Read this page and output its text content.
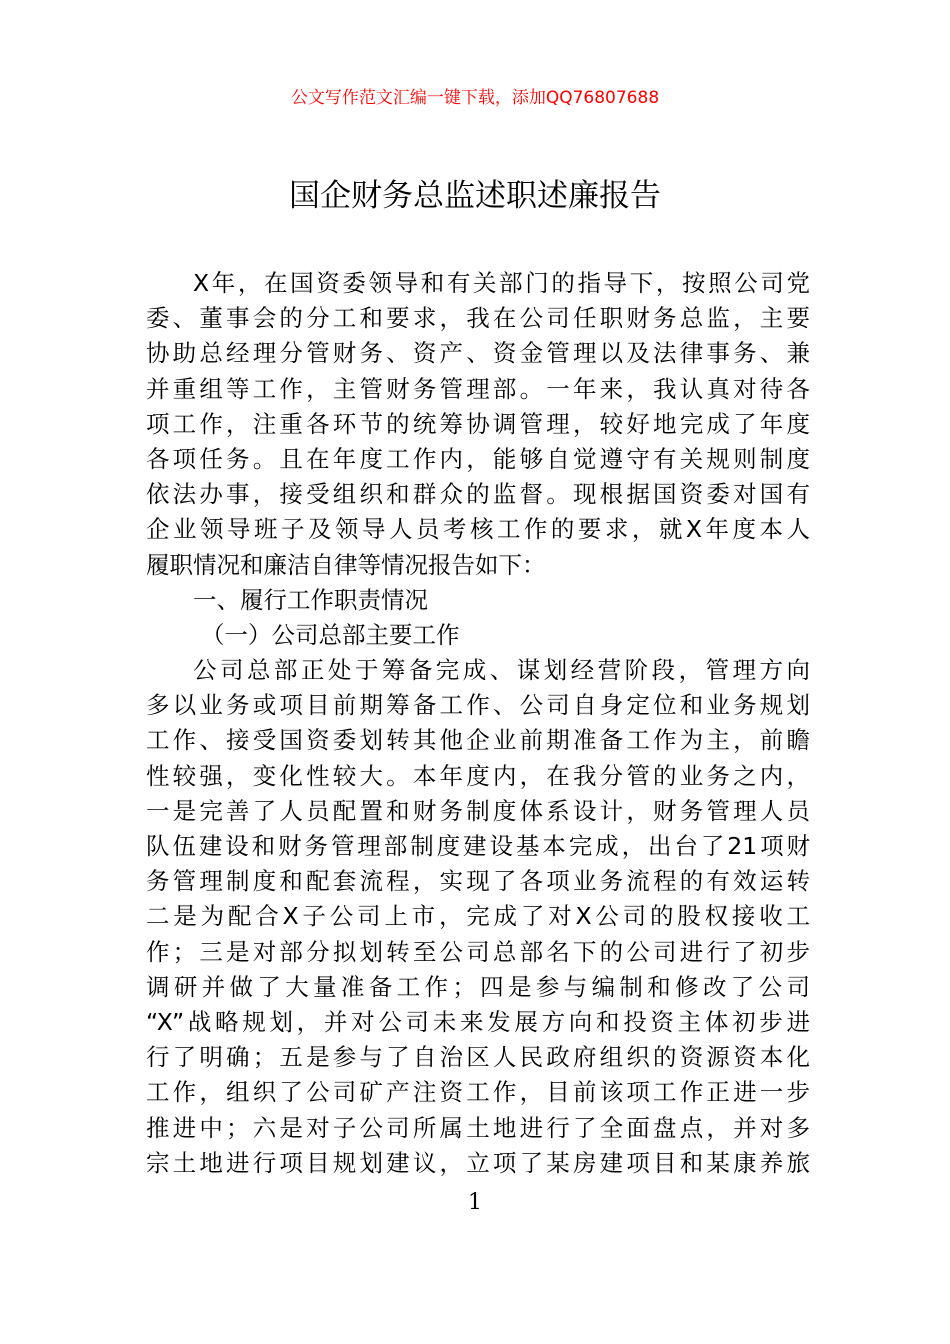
公文写作范文汇编一键下载，添加QQ76807688
国企财务总监述职述廉报告
X年，在国资委领导和有关部门的指导下，按照公司党
委、董事会的分工和要求，我在公司任职财务总监，主要
协助总经理分管财务、资产、资金管理以及法律事务、兼
并重组等工作，主管财务管理部。一年来，我认真对待各
项工作，注重各环节的统筹协调管理，较好地完成了年度
各项任务。且在年度工作内，能够自觉遵守有关规则制度
依法办事，接受组织和群众的监督。现根据国资委对国有
企业领导班子及领导人员考核工作的要求，就X年度本人
履职情况和廉洁自律等情况报告如下：
一、履行工作职责情况
（一）公司总部主要工作
公司总部正处于筹备完成、谋划经营阶段，管理方向
多以业务或项目前期筹备工作、公司自身定位和业务规划
工作、接受国资委划转其他企业前期准备工作为主，前瞻
性较强，变化性较大。本年度内，在我分管的业务之内，
一是完善了人员配置和财务制度体系设计，财务管理人员
队伍建设和财务管理部制度建设基本完成，出台了21项财
务管理制度和配套流程，实现了各项业务流程的有效运转
二是为配合X子公司上市，完成了对X公司的股权接收工
作；三是对部分拟划转至公司总部名下的公司进行了初步
调研并做了大量准备工作；四是参与编制和修改了公司
“X”战略规划，并对公司未来发展方向和投资主体初步进
行了明确；五是参与了自治区人民政府组织的资源资本化
工作，组织了公司矿产注资工作，目前该项工作正进一步
推进中；六是对子公司所属土地进行了全面盘点，并对多
宗土地进行项目规划建议，立项了某房建项目和某康养旅
1
